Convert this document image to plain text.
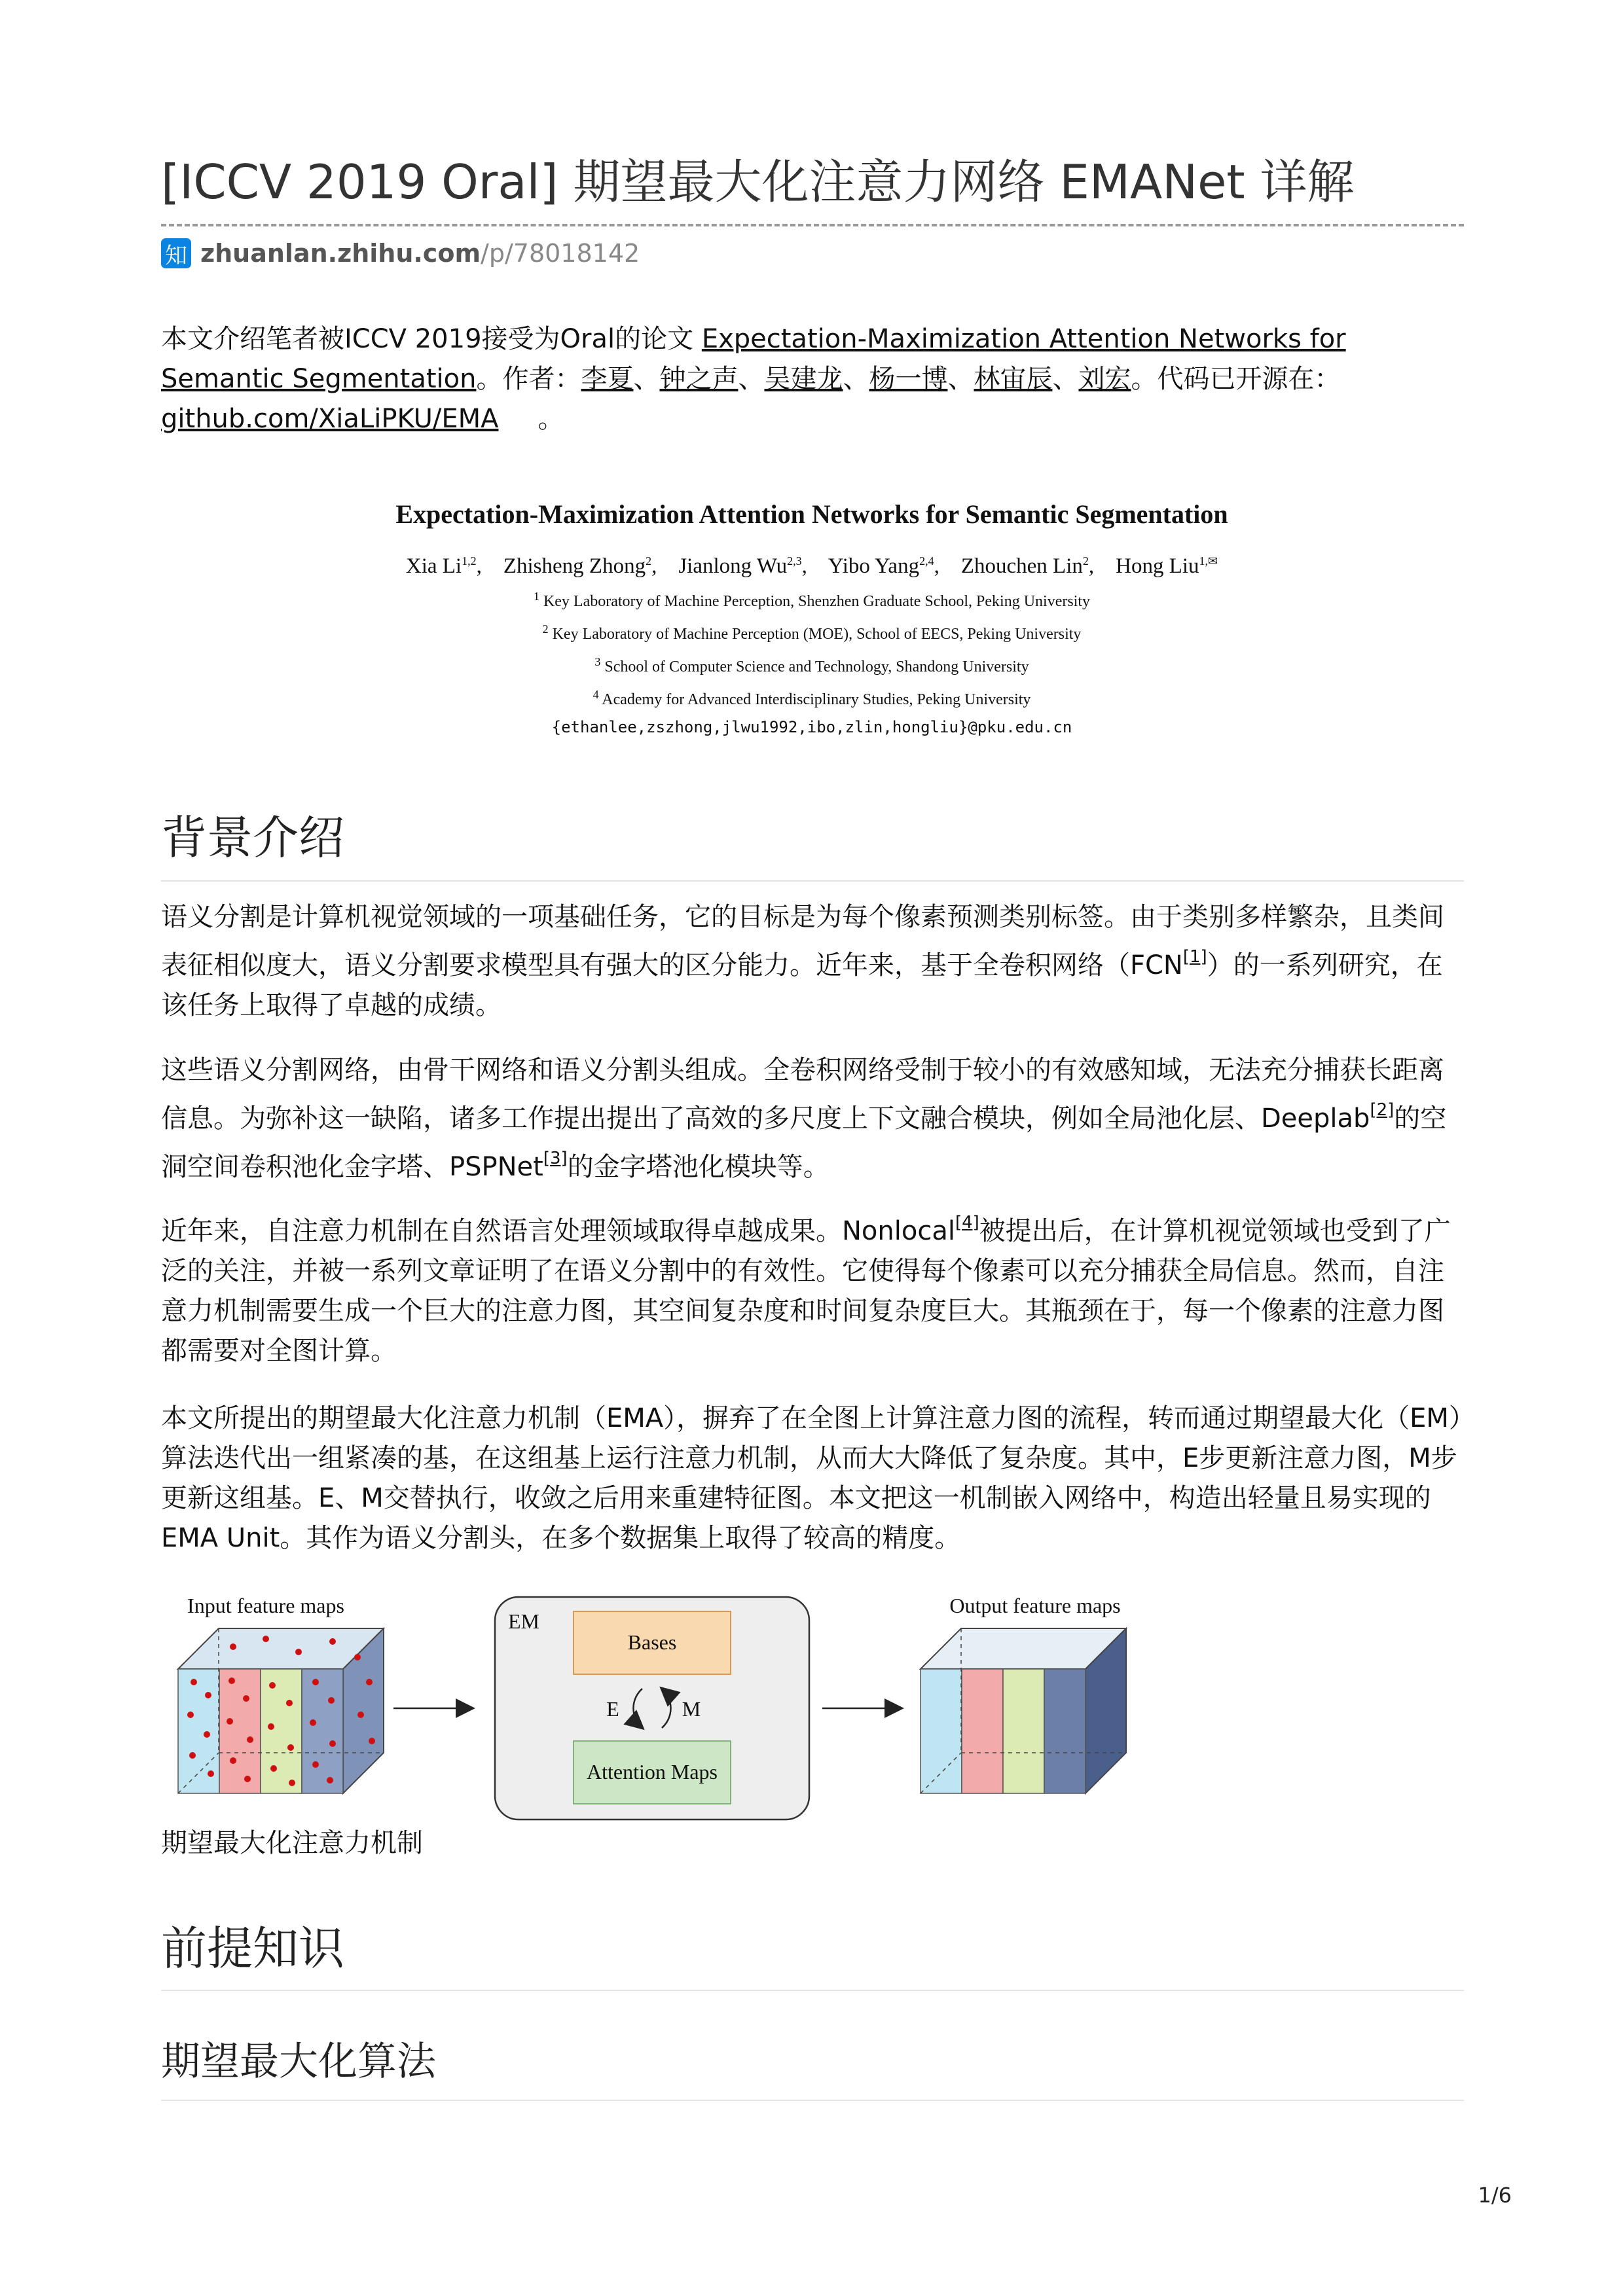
[ICCV 2019 Oral] 期望最大化注意力网络 EMANet 详解
知 zhuanlan.zhihu.com/p/78018142

本文介绍笔者被ICCV 2019接受为Oral的论文 Expectation-Maximization Attention Networks for Semantic Segmentation。作者：李夏、钟之声、吴建龙、杨一博、林宙辰、刘宏。代码已开源在：github.com/XiaLiPKU/EMA 。

Expectation-Maximization Attention Networks for Semantic Segmentation
Xia Li$^{1,2}$, Zhisheng Zhong$^2$, Jianlong Wu$^{2,3}$, Yibo Yang$^{2,4}$, Zhouchen Lin$^2$, Hong Liu$^{1,✉}$
$^1$ Key Laboratory of Machine Perception, Shenzhen Graduate School, Peking University
$^2$ Key Laboratory of Machine Perception (MOE), School of EECS, Peking University
$^3$ School of Computer Science and Technology, Shandong University
$^4$ Academy for Advanced Interdisciplinary Studies, Peking University
{ethanlee,zszhong,jlwu1992,ibo,zlin,hongliu}@pku.edu.cn
背景介绍

语义分割是计算机视觉领域的一项基础任务，它的目标是为每个像素预测类别标签。由于类别多样繁杂，且类间表征相似度大，语义分割要求模型具有强大的区分能力。近年来，基于全卷积网络（FCN[1]）的一系列研究，在该任务上取得了卓越的成绩。

这些语义分割网络，由骨干网络和语义分割头组成。全卷积网络受制于较小的有效感知域，无法充分捕获长距离信息。为弥补这一缺陷，诸多工作提出提出了高效的多尺度上下文融合模块，例如全局池化层、Deeplab[2]的空洞空间卷积池化金字塔、PSPNet[3]的金字塔池化模块等。

近年来，自注意力机制在自然语言处理领域取得卓越成果。Nonlocal[4]被提出后，在计算机视觉领域也受到了广泛的关注，并被一系列文章证明了在语义分割中的有效性。它使得每个像素可以充分捕获全局信息。然而，自注意力机制需要生成一个巨大的注意力图，其空间复杂度和时间复杂度巨大。其瓶颈在于，每一个像素的注意力图都需要对全图计算。

本文所提出的期望最大化注意力机制（EMA），摒弃了在全图上计算注意力图的流程，转而通过期望最大化（EM）算法迭代出一组紧凑的基，在这组基上运行注意力机制，从而大大降低了复杂度。其中，E步更新注意力图，M步更新这组基。E、M交替执行，收敛之后用来重建特征图。本文把这一机制嵌入网络中，构造出轻量且易实现的EMA Unit。其作为语义分割头，在多个数据集上取得了较高的精度。

Input feature maps
EM
Bases
Attention Maps
E	M
Output feature maps
期望最大化注意力机制
前提知识
期望最大化算法
1/6
